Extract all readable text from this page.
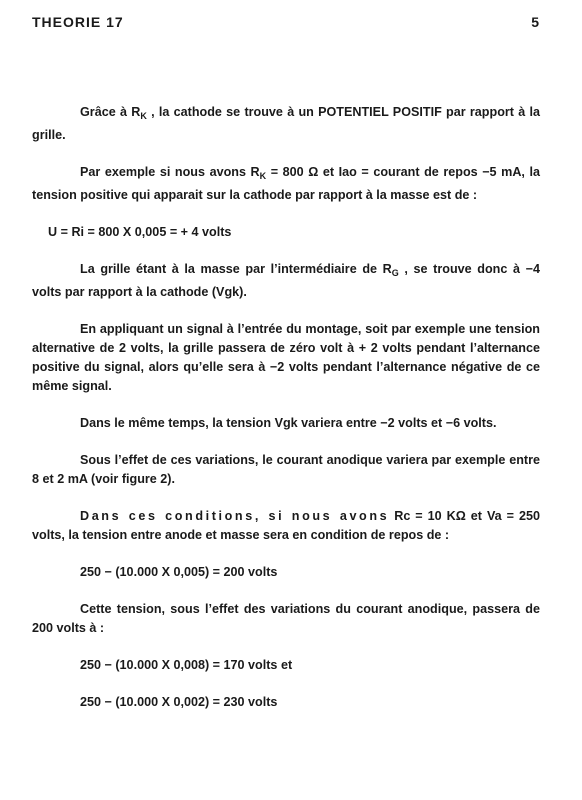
THEORIE 17	5

Grâce à $R_K$ , la cathode se trouve à un POTENTIEL POSITIF par rapport à la grille.

Par exemple si nous avons $R_K = 800$ Ω et Iao = courant de repos −5 mA, la tension positive qui apparait sur la cathode par rapport à la masse est de :

U = Ri = 800 X 0,005 = + 4 volts

La grille étant à la masse par l’intermédiaire de $R_G$ , se trouve donc à −4 volts par rapport à la cathode (Vgk).

En appliquant un signal à l’entrée du montage, soit par exemple une tension alternative de 2 volts, la grille passera de zéro volt à + 2 volts pendant l’alternance positive du signal, alors qu’elle sera à −2 volts pendant l’alternance négative de ce même signal.

Dans le même temps, la tension Vgk variera entre −2 volts et −6 volts.

Sous l’effet de ces variations, le courant anodique variera par exemple entre 8 et 2 mA (voir figure 2).

Dans ces conditions, si nous avons Rc = 10 KΩ et Va = 250 volts, la tension entre anode et masse sera en condition de repos de :

250 − (10.000 X 0,005) = 200 volts

Cette tension, sous l’effet des variations du courant anodique, passera de 200 volts à :

250 − (10.000 X 0,008) = 170 volts et

250 − (10.000 X 0,002) = 230 volts
